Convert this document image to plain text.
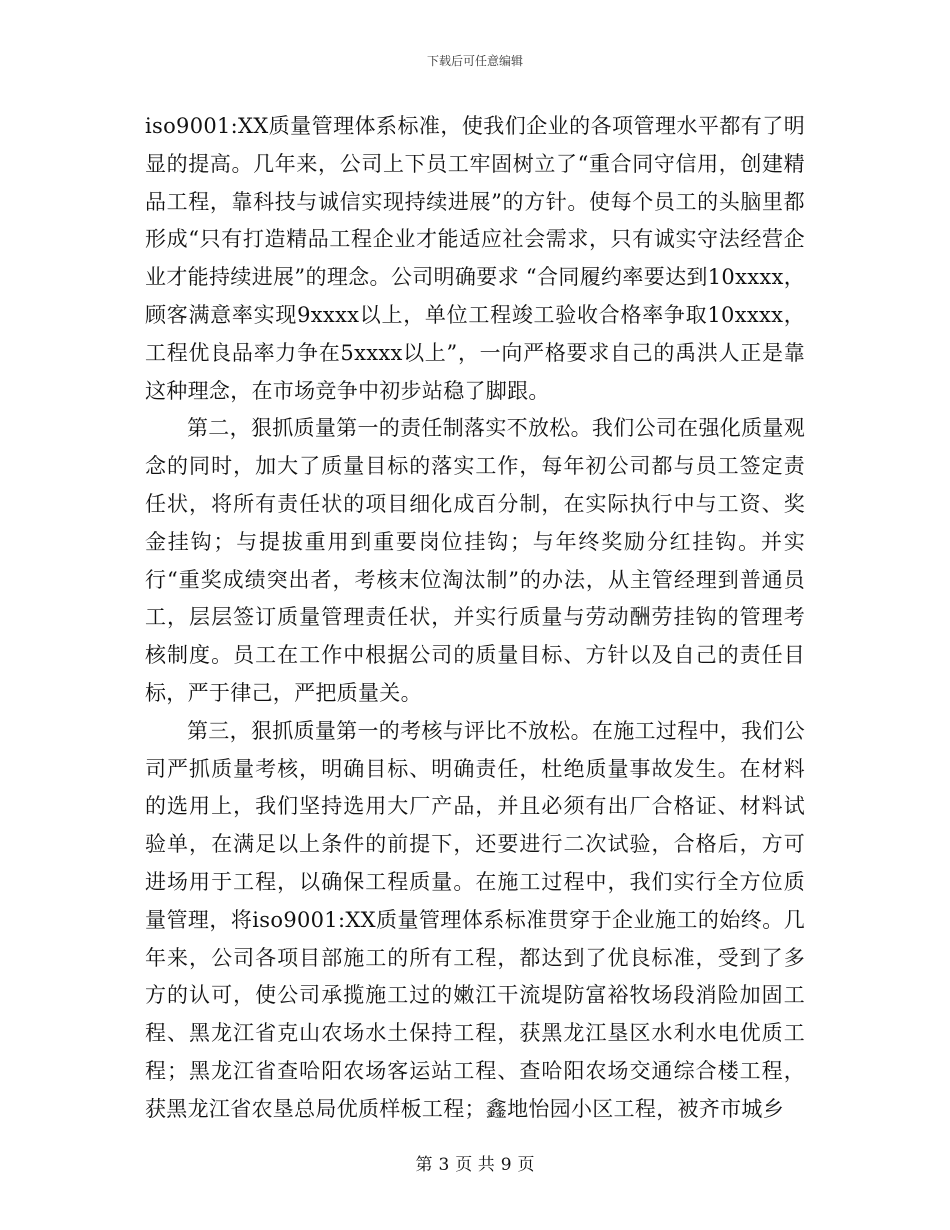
下载后可任意编辑

iso9001:XX质量管理体系标准，使我们企业的各项管理水平都有了明显的提高。几年来，公司上下员工牢固树立了“重合同守信用，创建精品工程，靠科技与诚信实现持续进展”的方针。使每个员工的头脑里都形成“只有打造精品工程企业才能适应社会需求，只有诚实守法经营企业才能持续进展”的理念。公司明确要求 “合同履约率要达到10xxxx，顾客满意率实现9xxxx以上，单位工程竣工验收合格率争取10xxxx，工程优良品率力争在5xxxx以上”，一向严格要求自己的禹洪人正是靠这种理念，在市场竞争中初步站稳了脚跟。

第二，狠抓质量第一的责任制落实不放松。我们公司在强化质量观念的同时，加大了质量目标的落实工作，每年初公司都与员工签定责任状，将所有责任状的项目细化成百分制，在实际执行中与工资、奖金挂钩；与提拔重用到重要岗位挂钩；与年终奖励分红挂钩。并实行“重奖成绩突出者，考核末位淘汰制”的办法，从主管经理到普通员工，层层签订质量管理责任状，并实行质量与劳动酬劳挂钩的管理考核制度。员工在工作中根据公司的质量目标、方针以及自己的责任目标，严于律己，严把质量关。

第三，狠抓质量第一的考核与评比不放松。在施工过程中，我们公司严抓质量考核，明确目标、明确责任，杜绝质量事故发生。在材料的选用上，我们坚持选用大厂产品，并且必须有出厂合格证、材料试验单，在满足以上条件的前提下，还要进行二次试验，合格后，方可进场用于工程，以确保工程质量。在施工过程中，我们实行全方位质量管理，将iso9001:XX质量管理体系标准贯穿于企业施工的始终。几年来，公司各项目部施工的所有工程，都达到了优良标准，受到了多方的认可，使公司承揽施工过的嫩江干流堤防富裕牧场段消险加固工程、黑龙江省克山农场水土保持工程，获黑龙江垦区水利水电优质工程；黑龙江省查哈阳农场客运站工程、查哈阳农场交通综合楼工程，获黑龙江省农垦总局优质样板工程；鑫地怡园小区工程，被齐市城乡

第 3 页 共 9 页
